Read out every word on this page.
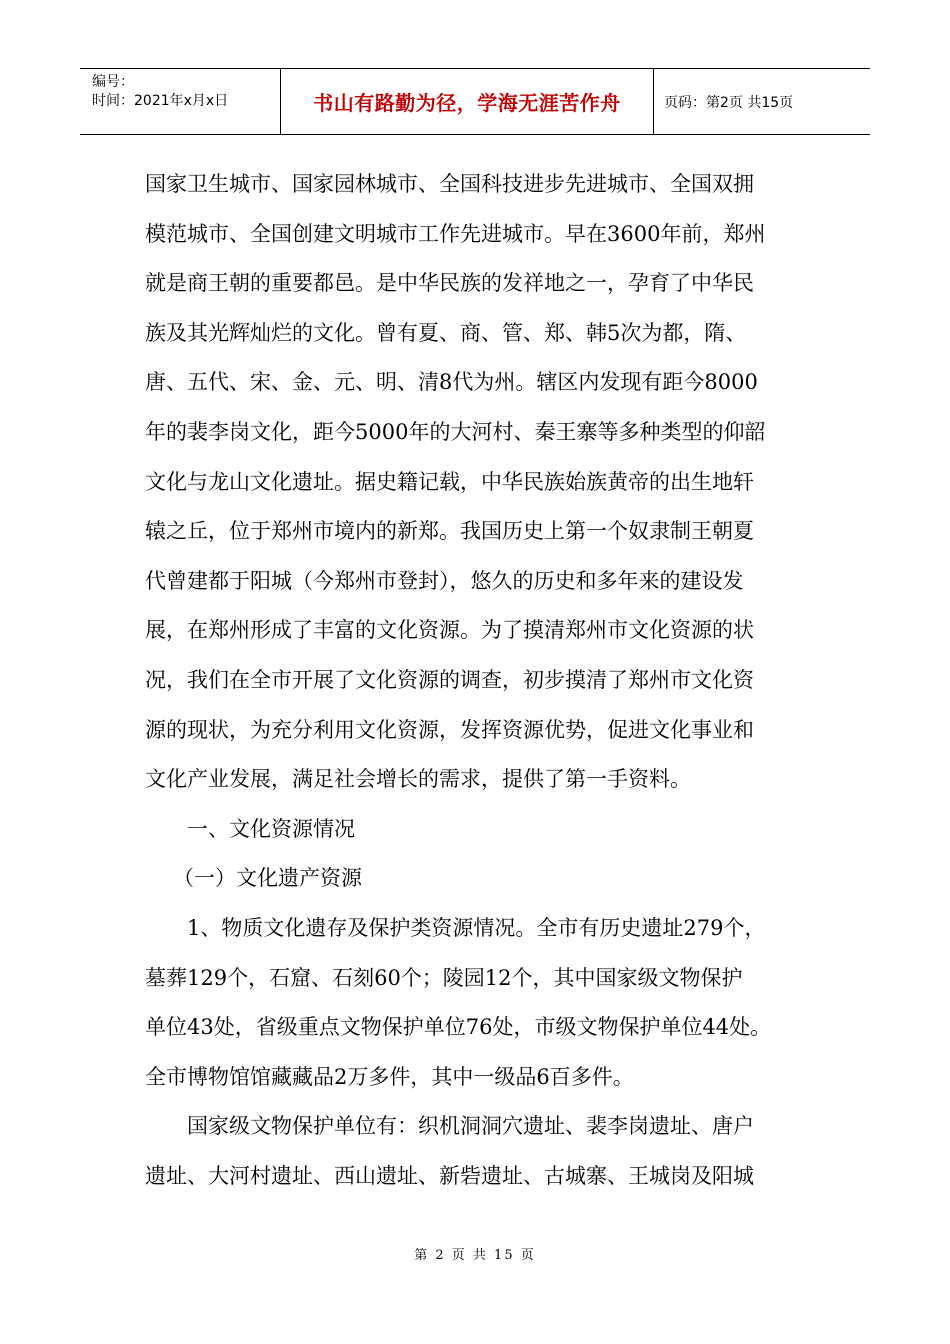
编号：
时间：2021年x月x日	书山有路勤为径，学海无涯苦作舟	页码：第2页 共15页

国家卫生城市、国家园林城市、全国科技进步先进城市、全国双拥

模范城市、全国创建文明城市工作先进城市。早在3600年前，郑州

就是商王朝的重要都邑。是中华民族的发祥地之一，孕育了中华民

族及其光辉灿烂的文化。曾有夏、商、管、郑、韩5次为都，隋、

唐、五代、宋、金、元、明、清8代为州。辖区内发现有距今8000

年的裴李岗文化，距今5000年的大河村、秦王寨等多种类型的仰韶

文化与龙山文化遗址。据史籍记载，中华民族始族黄帝的出生地轩

辕之丘，位于郑州市境内的新郑。我国历史上第一个奴隶制王朝夏

代曾建都于阳城（今郑州市登封），悠久的历史和多年来的建设发

展，在郑州形成了丰富的文化资源。为了摸清郑州市文化资源的状

况，我们在全市开展了文化资源的调查，初步摸清了郑州市文化资

源的现状，为充分利用文化资源，发挥资源优势，促进文化事业和

文化产业发展，满足社会增长的需求，提供了第一手资料。

一、文化资源情况

（一）文化遗产资源

1、物质文化遗存及保护类资源情况。全市有历史遗址279个，

墓葬129个，石窟、石刻60个；陵园12个，其中国家级文物保护

单位43处，省级重点文物保护单位76处，市级文物保护单位44处。

全市博物馆馆藏藏品2万多件，其中一级品6百多件。

国家级文物保护单位有：织机洞洞穴遗址、裴李岗遗址、唐户

遗址、大河村遗址、西山遗址、新砦遗址、古城寨、王城岗及阳城

第 2 页 共 15 页
